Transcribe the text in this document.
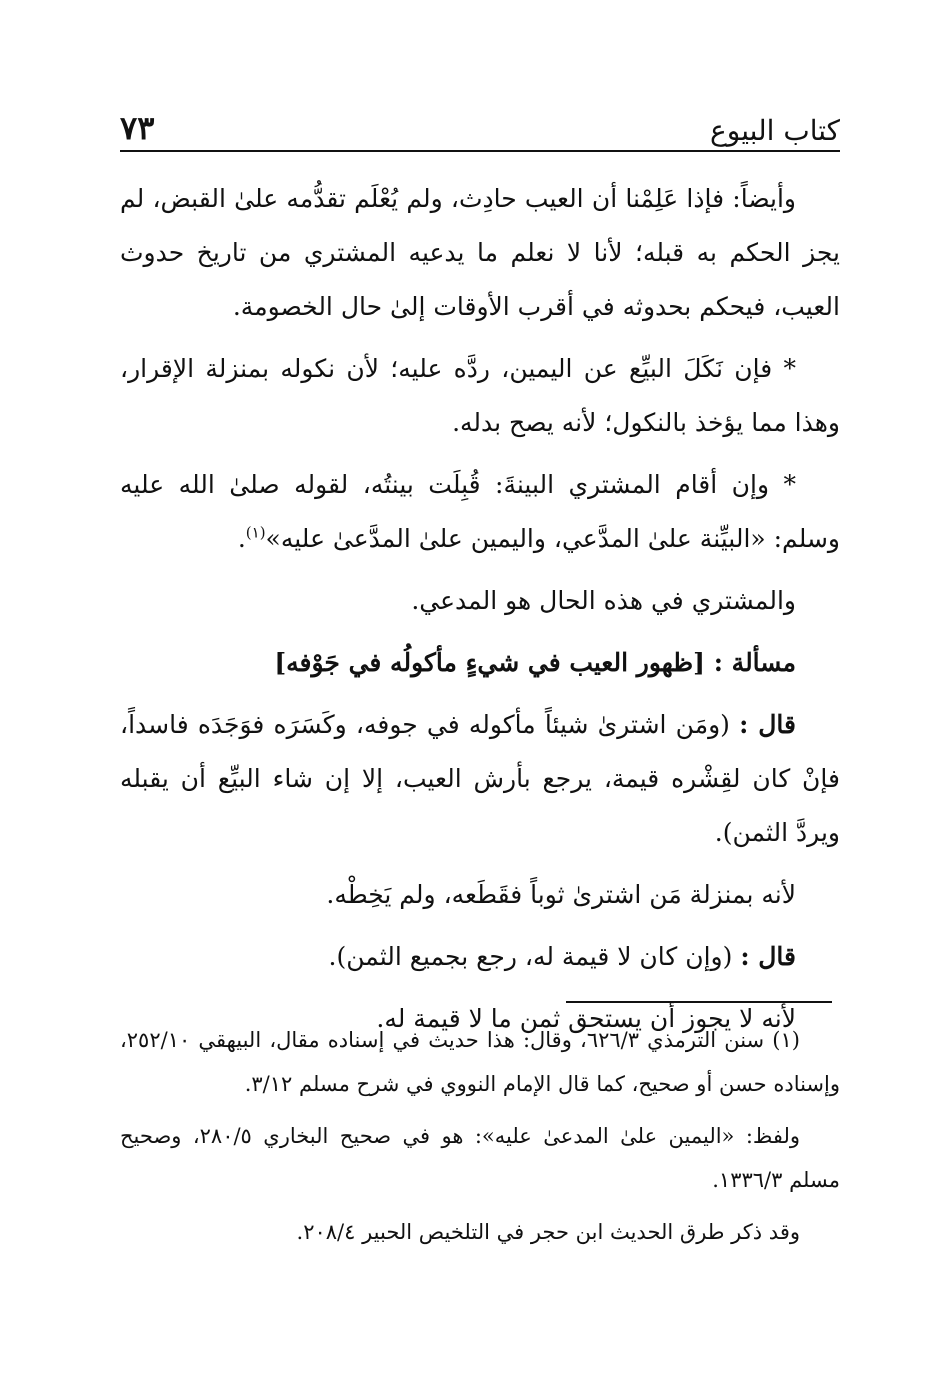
كتاب البيوع
٧٣

وأيضاً: فإذا عَلِمْنا أن العيب حادِث، ولم يُعْلَم تقدُّمه علىٰ القبض، لم يجز الحكم به قبله؛ لأنا لا نعلم ما يدعيه المشتري من تاريخ حدوث العيب، فيحكم بحدوثه في أقرب الأوقات إلىٰ حال الخصومة.

* فإن نَكَلَ البيِّع عن اليمين، ردَّه عليه؛ لأن نكوله بمنزلة الإقرار، وهذا مما يؤخذ بالنكول؛ لأنه يصح بدله.

* وإن أقام المشتري البينةَ: قُبِلَت بينتُه، لقوله صلىٰ الله عليه وسلم: «البيِّنة علىٰ المدَّعي، واليمين علىٰ المدَّعىٰ عليه»$^{(١)}$.

والمشتري في هذه الحال هو المدعي.

مسألة : [ظهور العيب في شيءٍ مأكولُه في جَوْفه]

قال : (ومَن اشترىٰ شيئاً مأكوله في جوفه، وكَسَرَه فوَجَدَه فاسداً، فإنْ كان لقِشْره قيمة، يرجع بأرش العيب، إلا إن شاء البيِّع أن يقبله ويردَّ الثمن).

لأنه بمنزلة مَن اشترىٰ ثوباً فقَطَعه، ولم يَخِطْه.

قال : (وإن كان لا قيمة له، رجع بجميع الثمن).

لأنه لا يجوز أن يستحق ثمن ما لا قيمة له.

(١) سنن الترمذي ٦٢٦/٣، وقال: هذا حديث في إسناده مقال، البيهقي ٢٥٢/١٠، وإسناده حسن أو صحيح، كما قال الإمام النووي في شرح مسلم ٣/١٢.

ولفظ: «اليمين علىٰ المدعىٰ عليه»: هو في صحيح البخاري ٢٨٠/٥، وصحيح مسلم ١٣٣٦/٣.

وقد ذكر طرق الحديث ابن حجر في التلخيص الحبير ٢٠٨/٤.
